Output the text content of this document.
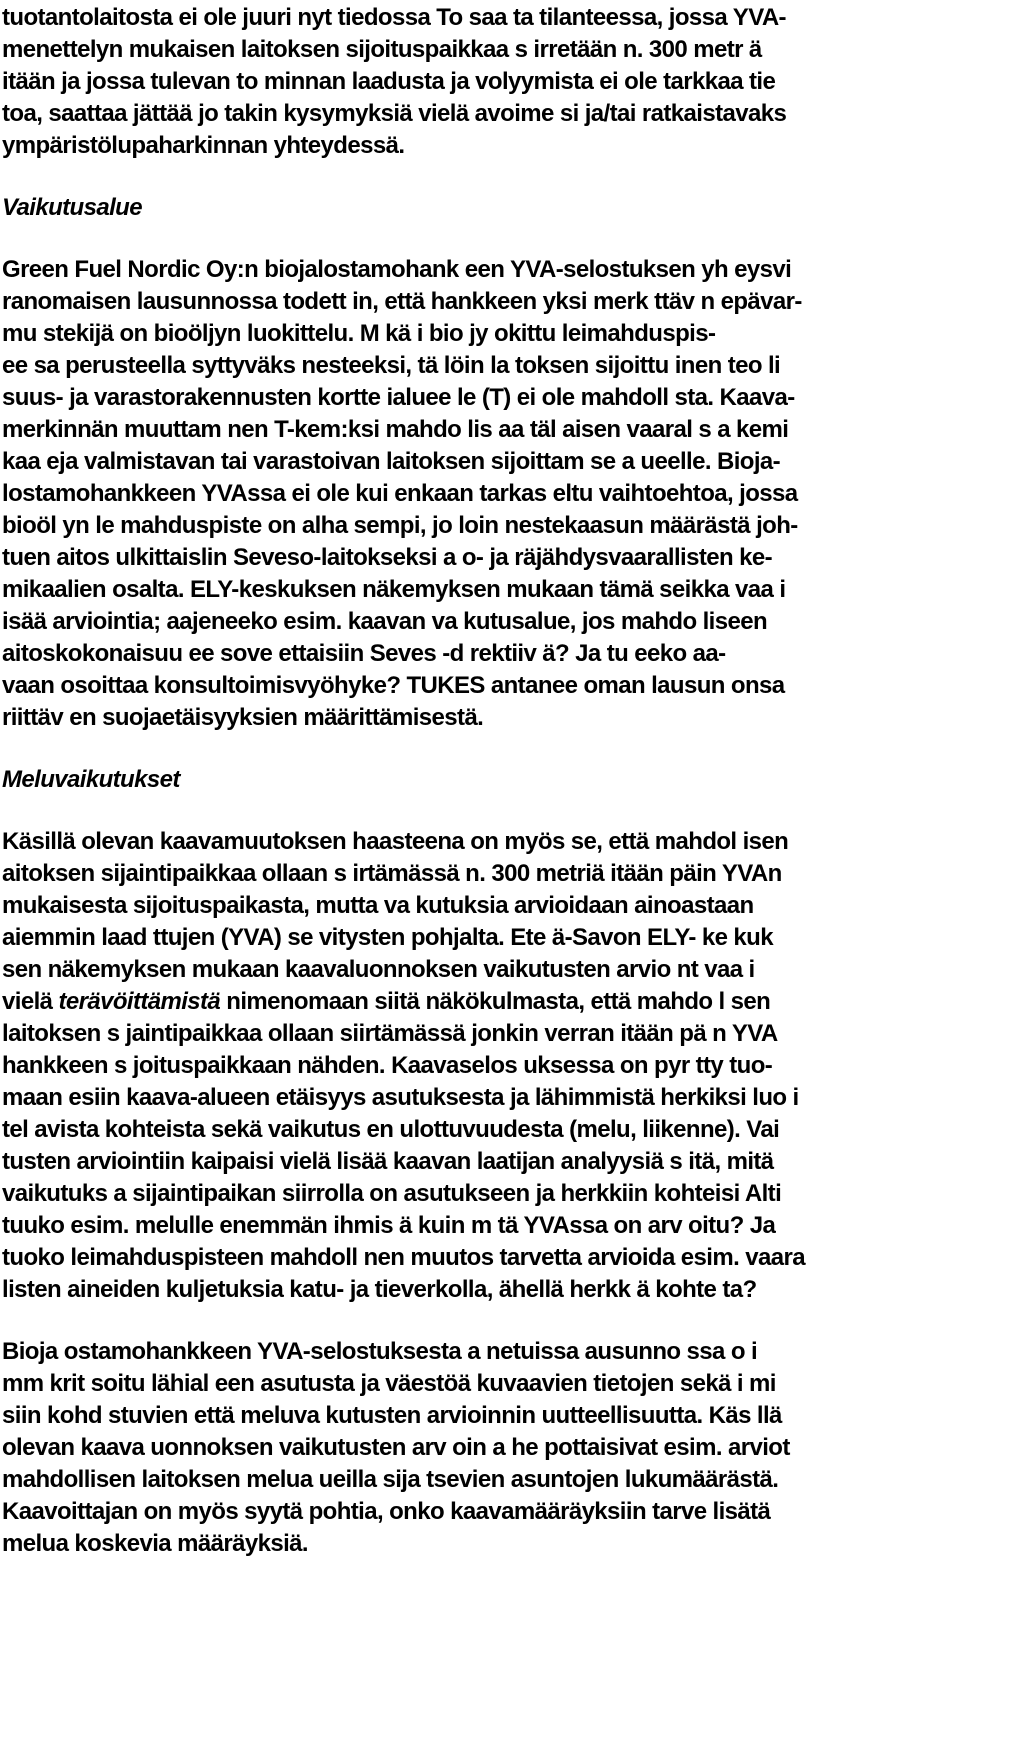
tuotantolaitosta ei ole juuri nyt tiedossa To saa ta tilanteessa, jossa YVA-
menettelyn mukaisen laitoksen sijoituspaikkaa s irretään n. 300 metr ä
itään ja jossa tulevan to minnan laadusta ja volyymista ei ole tarkkaa tie
toa, saattaa jättää jo takin kysymyksiä vielä avoime si ja/tai ratkaistavaks
ympäristölupaharkinnan yhteydessä.
Vaikutusalue
Green Fuel Nordic Oy:n biojalostamohank een YVA-selostuksen yh eysvi
ranomaisen lausunnossa todett in, että hankkeen yksi merk ttäv n epävar-
mu stekijä on bioöljyn luokittelu. M kä i bio jy okittu leimahduspis-
ee sa perusteella syttyväks nesteeksi, tä löin la toksen sijoittu inen teo li
suus- ja varastorakennusten kortte ialuee le (T) ei ole mahdoll sta. Kaava-
merkinnän muuttam nen T-kem:ksi mahdo lis aa täl aisen vaaral s a kemi
kaa eja valmistavan tai varastoivan laitoksen sijoittam se a ueelle. Bioja-
lostamohankkeen YVAssa ei ole kui enkaan tarkas eltu vaihtoehtoa, jossa
bioöl yn le mahduspiste on alha sempi, jo loin nestekaasun määrästä joh-
tuen aitos ulkittaislin Seveso-laitokseksi a o- ja räjähdysvaarallisten ke-
mikaalien osalta. ELY-keskuksen näkemyksen mukaan tämä seikka vaa i
isää arviointia; aajeneeko esim. kaavan va kutusalue, jos mahdo liseen
aitoskokonaisuu ee sove ettaisiin Seves -d rektiiv ä? Ja tu eeko aa-
vaan osoittaa konsultoimisvyöhyke? TUKES antanee oman lausun onsa
riittäv en suojaetäisyyksien määrittämisestä.
Meluvaikutukset
Käsillä olevan kaavamuutoksen haasteena on myös se, että mahdol isen
aitoksen sijaintipaikkaa ollaan s irtämässä n. 300 metriä itään päin YVAn
mukaisesta sijoituspaikasta, mutta va kutuksia arvioidaan ainoastaan
aiemmin laad ttujen (YVA) se vitysten pohjalta. Ete ä-Savon ELY- ke kuk
sen näkemyksen mukaan kaavaluonnoksen vaikutusten arvio nt vaa i
vielä terävöittämistä nimenomaan siitä näkökulmasta, että mahdo l sen
laitoksen s jaintipaikkaa ollaan siirtämässä jonkin verran itään pä n YVA
hankkeen s joituspaikkaan nähden. Kaavaselos uksessa on pyr tty tuo-
maan esiin kaava-alueen etäisyys asutuksesta ja lähimmistä herkiksi luo i
tel avista kohteista sekä vaikutus en ulottuvuudesta (melu, liikenne). Vai
tusten arviointiin kaipaisi vielä lisää kaavan laatijan analyysiä s itä, mitä
vaikutuks a sijaintipaikan siirrolla on asutukseen ja herkkiin kohteisi Alti
tuuko esim. melulle enemmän ihmis ä kuin m tä YVAssa on arv oitu? Ja
tuoko leimahduspisteen mahdoll nen muutos tarvetta arvioida esim. vaara
listen aineiden kuljetuksia katu- ja tieverkolla, ähellä herkk ä kohte ta?
Bioja ostamohankkeen YVA-selostuksesta a netuissa ausunno ssa o i
mm krit soitu lähial een asutusta ja väestöä kuvaavien tietojen sekä i mi
siin kohd stuvien että meluva kutusten arvioinnin uutteellisuutta. Käs llä
olevan kaava uonnoksen vaikutusten arv oin a he pottaisivat esim. arviot
mahdollisen laitoksen melua ueilla sija tsevien asuntojen lukumäärästä.
Kaavoittajan on myös syytä pohtia, onko kaavamääräyksiin tarve lisätä
melua koskevia määräyksiä.
